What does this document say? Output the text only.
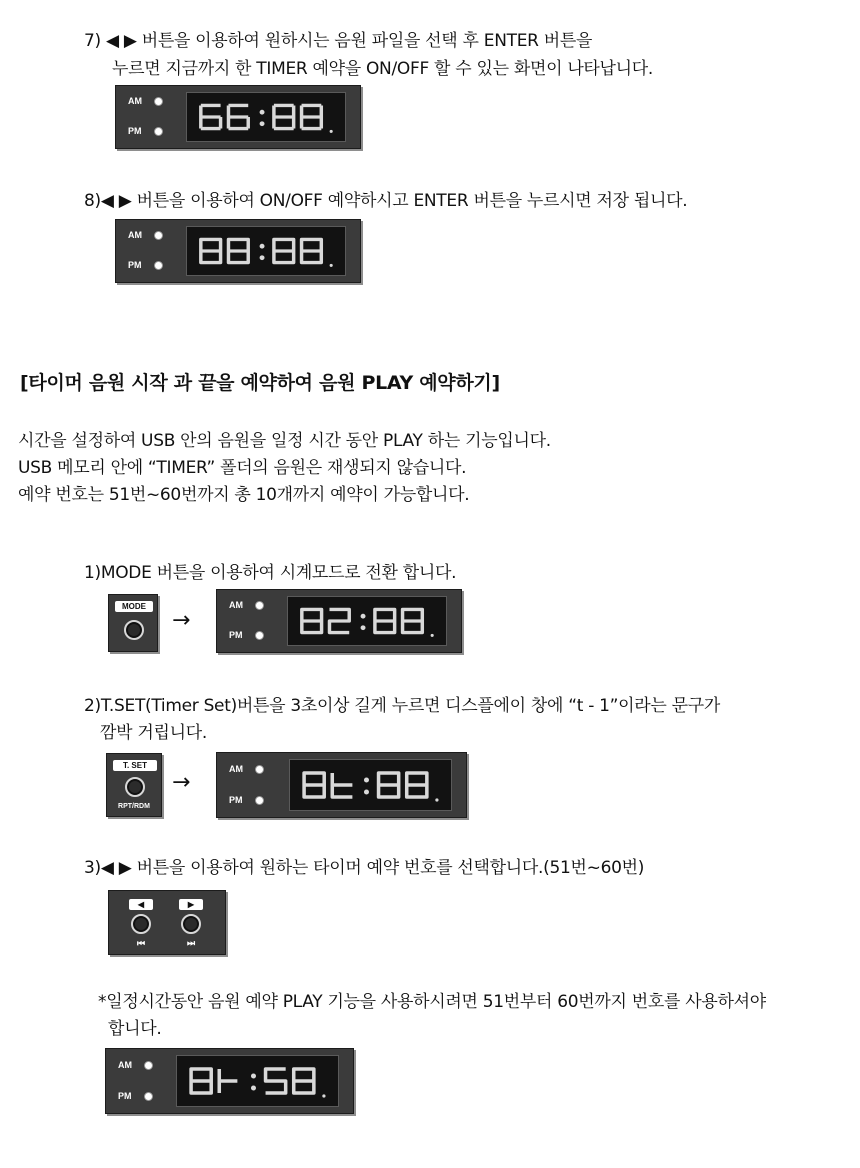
7) ◀ ▶ 버튼을 이용하여 원하시는 음원 파일을 선택 후 ENTER 버튼을
누르면 지금까지 한 TIMER 예약을 ON/OFF 할 수 있는 화면이 나타납니다.
AM
PM
8)◀ ▶ 버튼을 이용하여 ON/OFF 예약하시고 ENTER 버튼을 누르시면 저장 됩니다.
AM
PM
[타이머 음원 시작 과 끝을 예약하여 음원 PLAY 예약하기]
시간을 설정하여 USB 안의 음원을 일정 시간 동안 PLAY 하는 기능입니다.
USB 메모리 안에 “TIMER” 폴더의 음원은 재생되지 않습니다.
예약 번호는 51번~60번까지 총 10개까지 예약이 가능합니다.
1)MODE 버튼을 이용하여 시계모드로 전환 합니다.
MODE
→
AM
PM
2)T.SET(Timer Set)버튼을 3초이상 길게 누르면 디스플에이 창에 “t - 1”이라는 문구가
깜박 거립니다.
T. SET
RPT/RDM
→
AM
PM
3)◀ ▶ 버튼을 이용하여 원하는 타이머 예약 번호를 선택합니다.(51번~60번)
◀	▶
⏮	⏭
*일정시간동안 음원 예약 PLAY 기능을 사용하시려면 51번부터 60번까지 번호를 사용하셔야
합니다.
AM
PM
